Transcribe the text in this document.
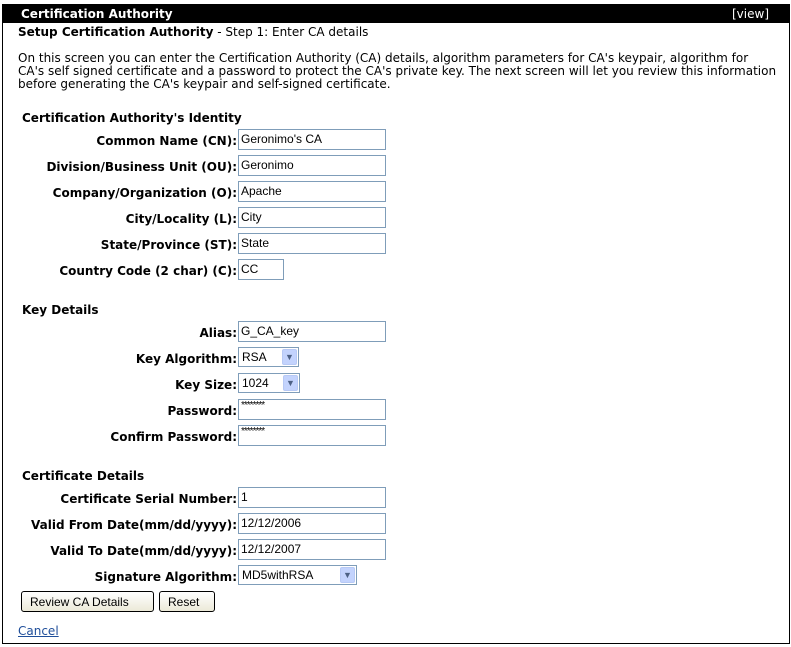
Certification Authority	[view]
Setup Certification Authority - Step 1: Enter CA details
On this screen you can enter the Certification Authority (CA) details, algorithm parameters for CA's keypair, algorithm for CA's self signed certificate and a password to protect the CA's private key. The next screen will let you review this information before generating the CA's keypair and self-signed certificate.
Certification Authority's Identity
Common Name (CN): Geronimo's CA
Division/Business Unit (OU): Geronimo
Company/Organization (O): Apache
City/Locality (L): City
State/Province (ST): State
Country Code (2 char) (C): CC
Key Details
Alias: G_CA_key
Key Algorithm: RSA	▼
Key Size: 1024	▼
Password: ********
Confirm Password: ********
Certificate Details
Certificate Serial Number: 1
Valid From Date(mm/dd/yyyy): 12/12/2006
Valid To Date(mm/dd/yyyy): 12/12/2007
Signature Algorithm: MD5withRSA	▼
Review CA Details	Reset
Cancel
